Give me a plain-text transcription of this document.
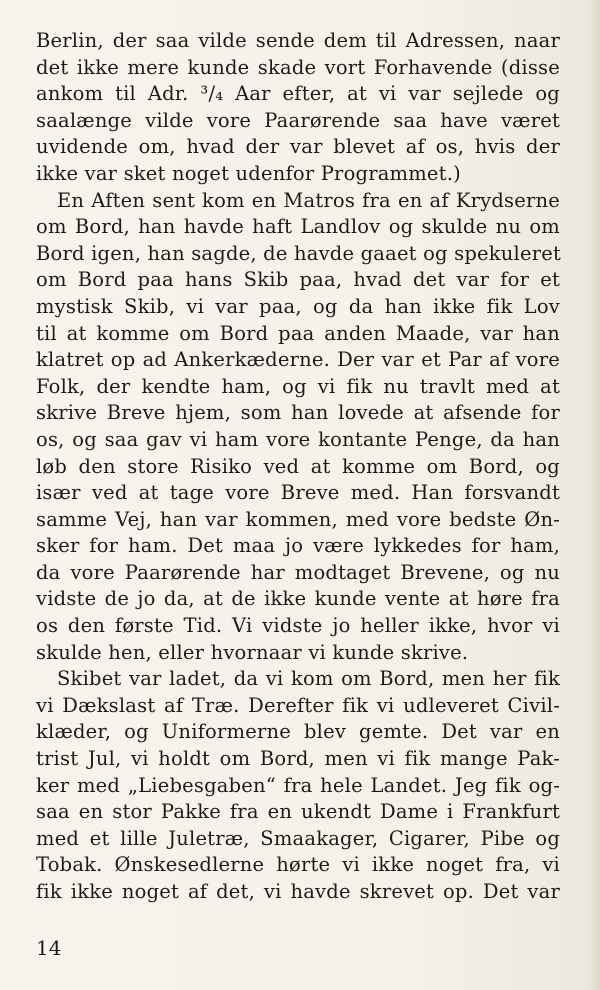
Berlin, der saa vilde sende dem til Adressen, naar
det ikke mere kunde skade vort Forhavende (disse
ankom til Adr. ³/₄ Aar efter, at vi var sejlede og
saalænge vilde vore Paarørende saa have været
uvidende om, hvad der var blevet af os, hvis der
ikke var sket noget udenfor Programmet.)
En Aften sent kom en Matros fra en af Krydserne
om Bord, han havde haft Landlov og skulde nu om
Bord igen, han sagde, de havde gaaet og spekuleret
om Bord paa hans Skib paa, hvad det var for et
mystisk Skib, vi var paa, og da han ikke fik Lov
til at komme om Bord paa anden Maade, var han
klatret op ad Ankerkæderne. Der var et Par af vore
Folk, der kendte ham, og vi fik nu travlt med at
skrive Breve hjem, som han lovede at afsende for
os, og saa gav vi ham vore kontante Penge, da han
løb den store Risiko ved at komme om Bord, og
især ved at tage vore Breve med. Han forsvandt
samme Vej, han var kommen, med vore bedste Øn-
sker for ham. Det maa jo være lykkedes for ham,
da vore Paarørende har modtaget Brevene, og nu
vidste de jo da, at de ikke kunde vente at høre fra
os den første Tid. Vi vidste jo heller ikke, hvor vi
skulde hen, eller hvornaar vi kunde skrive.
Skibet var ladet, da vi kom om Bord, men her fik
vi Dækslast af Træ. Derefter fik vi udleveret Civil-
klæder, og Uniformerne blev gemte. Det var en
trist Jul, vi holdt om Bord, men vi fik mange Pak-
ker med „Liebesgaben“ fra hele Landet. Jeg fik og-
saa en stor Pakke fra en ukendt Dame i Frankfurt
med et lille Juletræ, Smaakager, Cigarer, Pibe og
Tobak. Ønskesedlerne hørte vi ikke noget fra, vi
fik ikke noget af det, vi havde skrevet op. Det var
14
